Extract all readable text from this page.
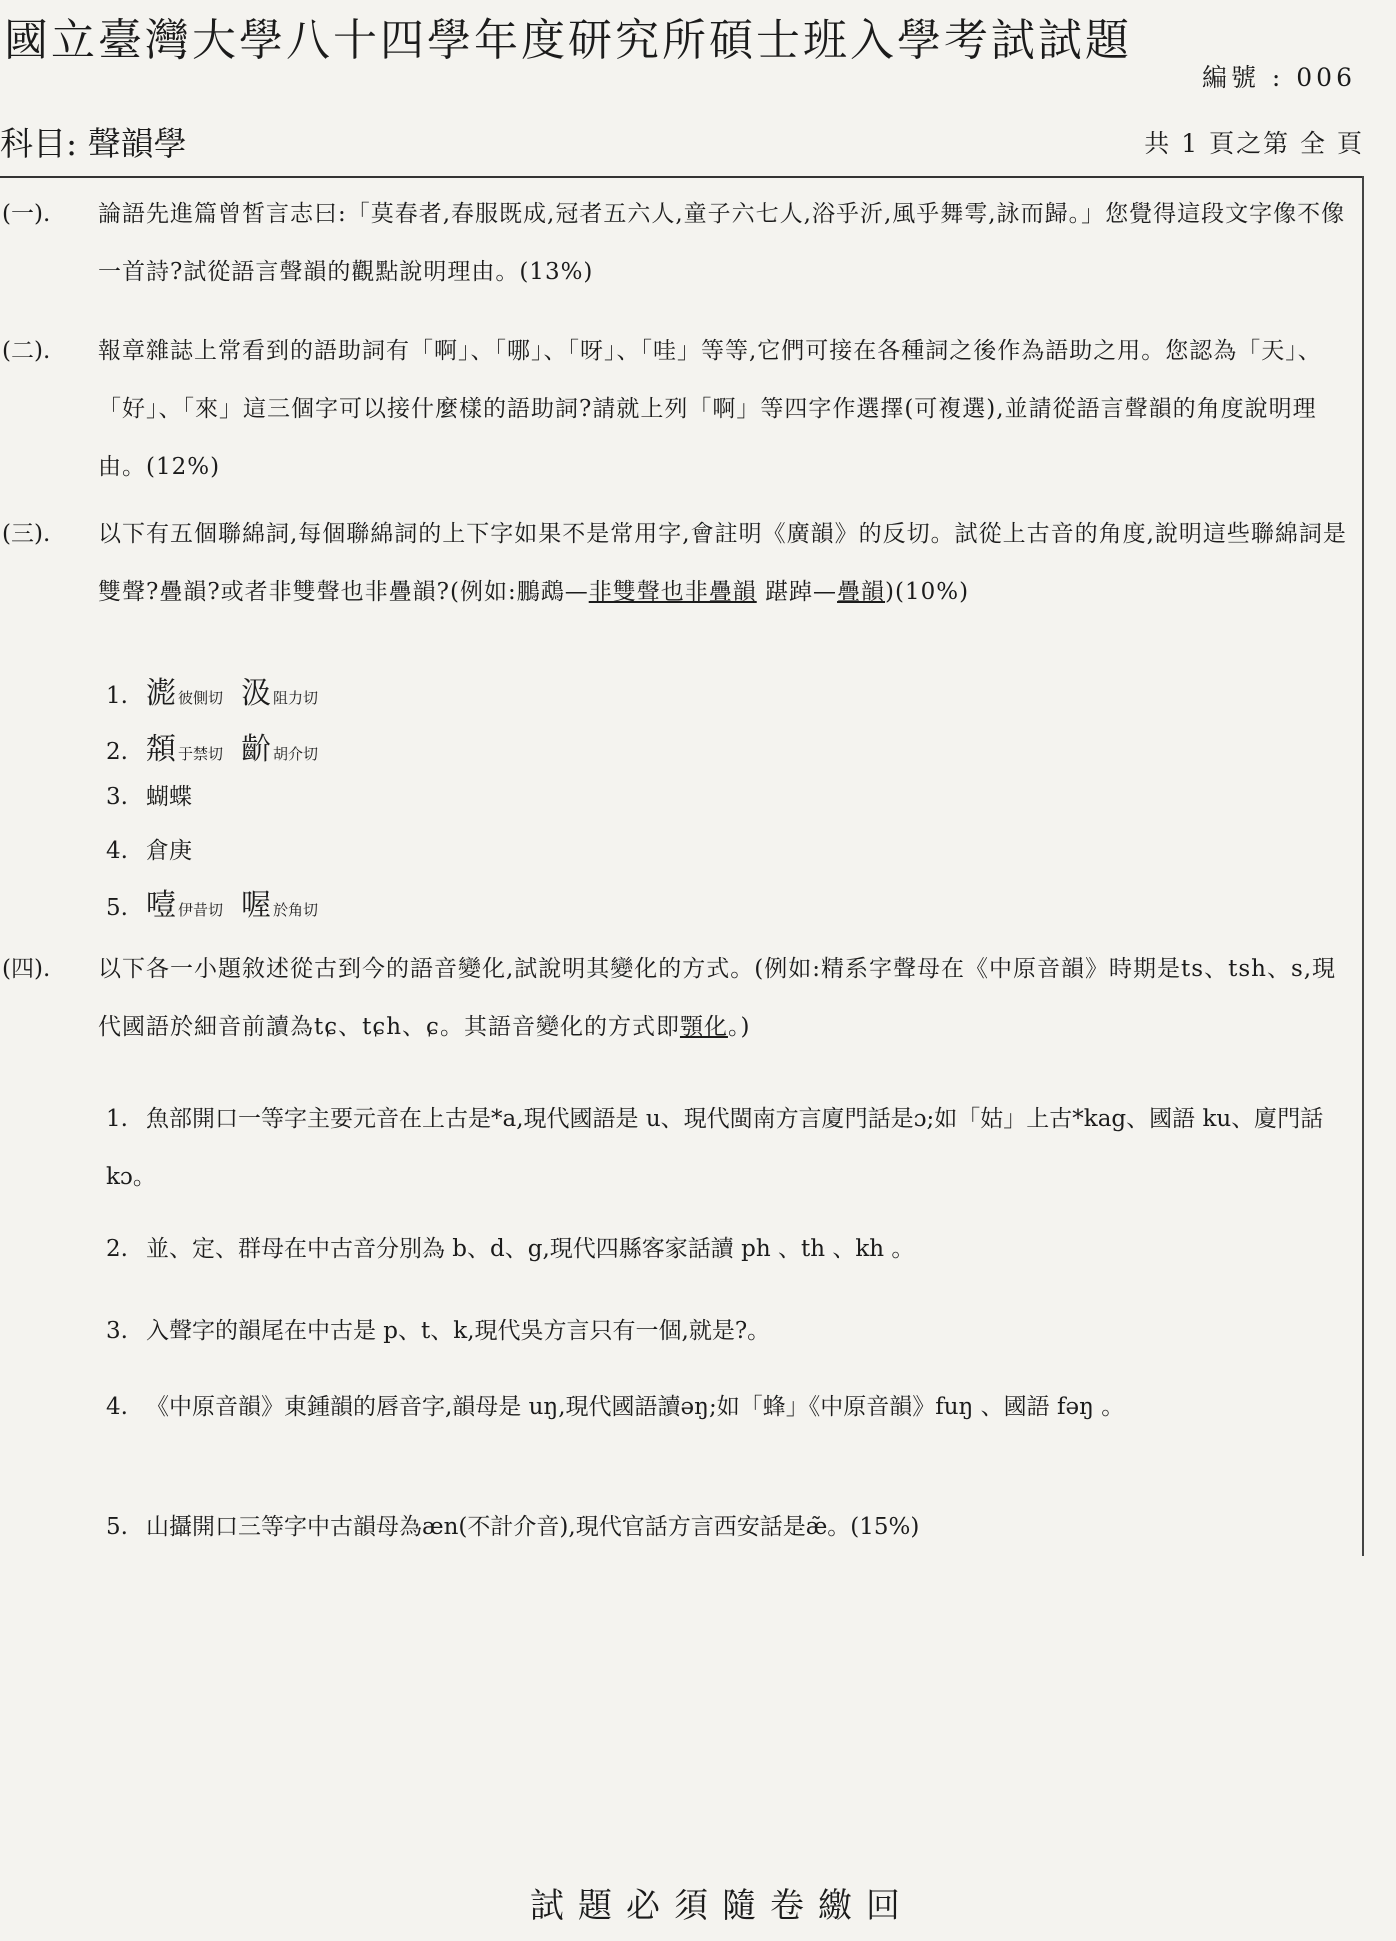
國立臺灣大學八十四學年度研究所碩士班入學考試試題
編號 : 006
科目: 聲韻學	共 1 頁之第 全 頁
(一). 論語先進篇曾皙言志曰:「莫春者,春服既成,冠者五六人,童子六七人,浴乎沂,風乎舞雩,詠而歸。」您覺得這段文字像不像一首詩?試從語言聲韻的觀點說明理由。(13%)
(二). 報章雜誌上常看到的語助詞有「啊」、「哪」、「呀」、「哇」等等,它們可接在各種詞之後作為語助之用。您認為「天」、「好」、「來」這三個字可以接什麼樣的語助詞?請就上列「啊」等四字作選擇(可複選),並請從語言聲韻的角度說明理由。(12%)
(三). 以下有五個聯綿詞,每個聯綿詞的上下字如果不是常用字,會註明《廣韻》的反切。試從上古音的角度,說明這些聯綿詞是雙聲?疊韻?或者非雙聲也非疊韻?(例如:鵬鵡—非雙聲也非疊韻 踸踔—疊韻)(10%)
1. 滮 彼側切 汲 阻力切
2. 頮 于禁切 齘 胡介切
3. 蝴蝶
4. 倉庚
5. 噎 伊昔切 喔 於角切
(四). 以下各一小題敘述從古到今的語音變化,試說明其變化的方式。(例如:精系字聲母在《中原音韻》時期是ts、tsh、s,現代國語於細音前讀為tɕ、tɕh、ɕ。其語音變化的方式即顎化。)
1. 魚部開口一等字主要元音在上古是*a,現代國語是 u、現代閩南方言廈門話是ɔ;如「姑」上古*kag、國語 ku、廈門話 kɔ。
2. 並、定、群母在中古音分別為 b、d、g,現代四縣客家話讀 ph 、th 、kh 。
3. 入聲字的韻尾在中古是 p、t、k,現代吳方言只有一個,就是?。
4. 《中原音韻》東鍾韻的唇音字,韻母是 uŋ,現代國語讀əŋ;如「蜂」《中原音韻》fuŋ 、國語 fəŋ 。
5. 山攝開口三等字中古韻母為æn(不計介音),現代官話方言西安話是æ̃。(15%)
試題必須隨卷繳回
